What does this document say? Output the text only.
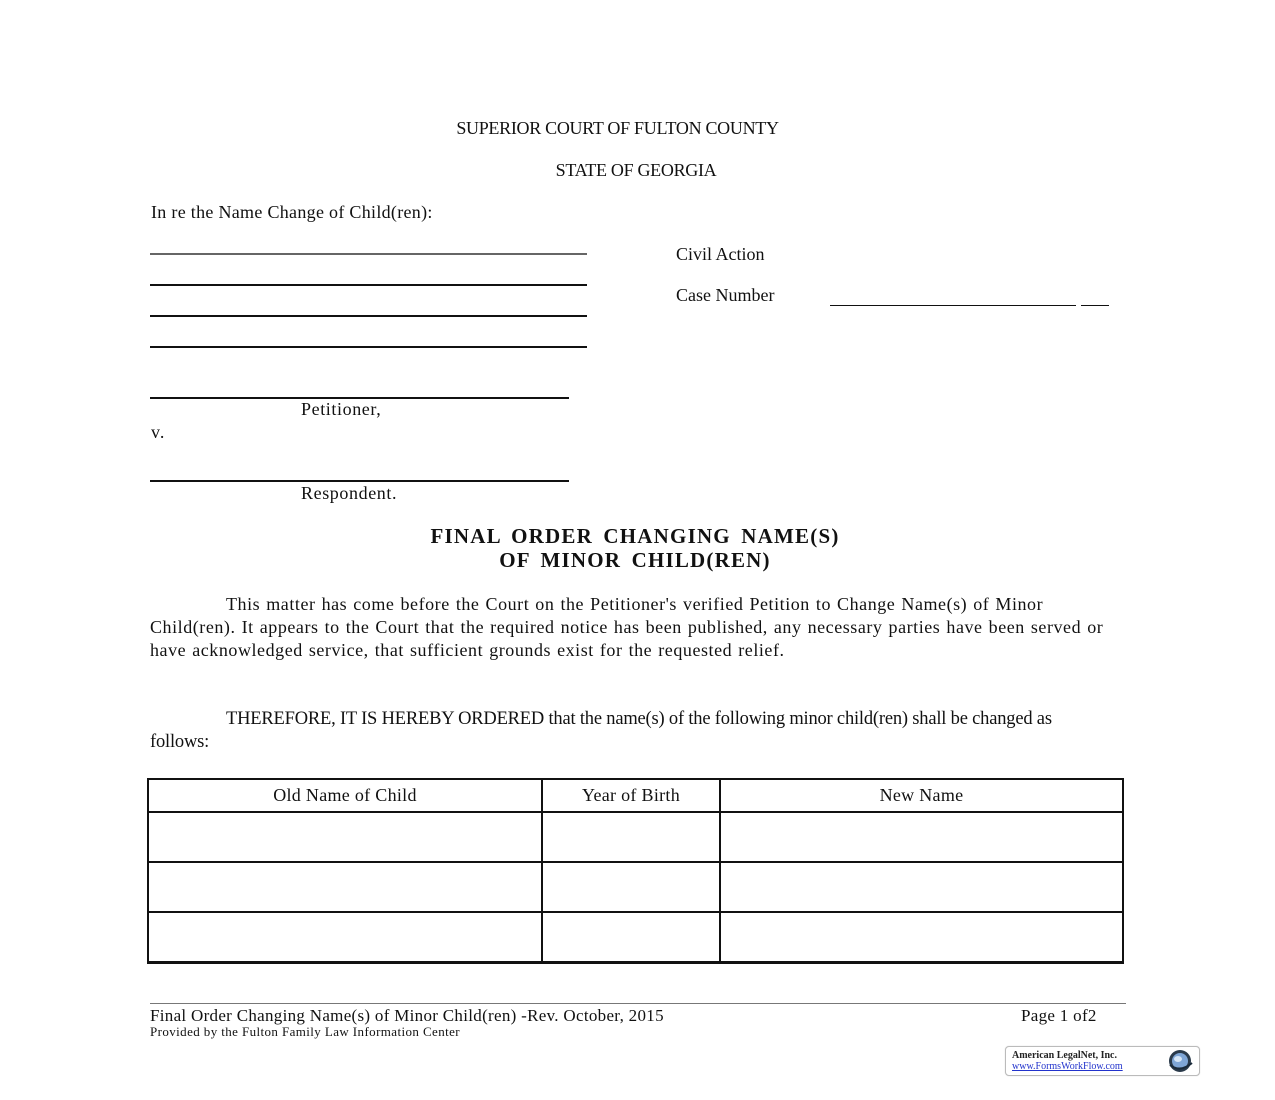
SUPERIOR COURT OF FULTON COUNTY
STATE OF GEORGIA
In re the Name Change of Child(ren):
Civil Action
Case Number
Petitioner,
v.
Respondent.
FINAL ORDER CHANGING NAME(S)
OF MINOR CHILD(REN)
This matter has come before the Court on the Petitioner's verified Petition to Change Name(s) of Minor Child(ren). It appears to the Court that the required notice has been published, any necessary parties have been served or have acknowledged service, that sufficient grounds exist for the requested relief.
THEREFORE, IT IS HEREBY ORDERED that the name(s) of the following minor child(ren) shall be changed as follows:
Old Name of Child	Year of Birth	New Name

Final Order Changing Name(s) of Minor Child(ren) -Rev. October, 2015	Page 1 of2
Provided by the Fulton Family Law Information Center
American LegalNet, Inc.
www.FormsWorkFlow.com
